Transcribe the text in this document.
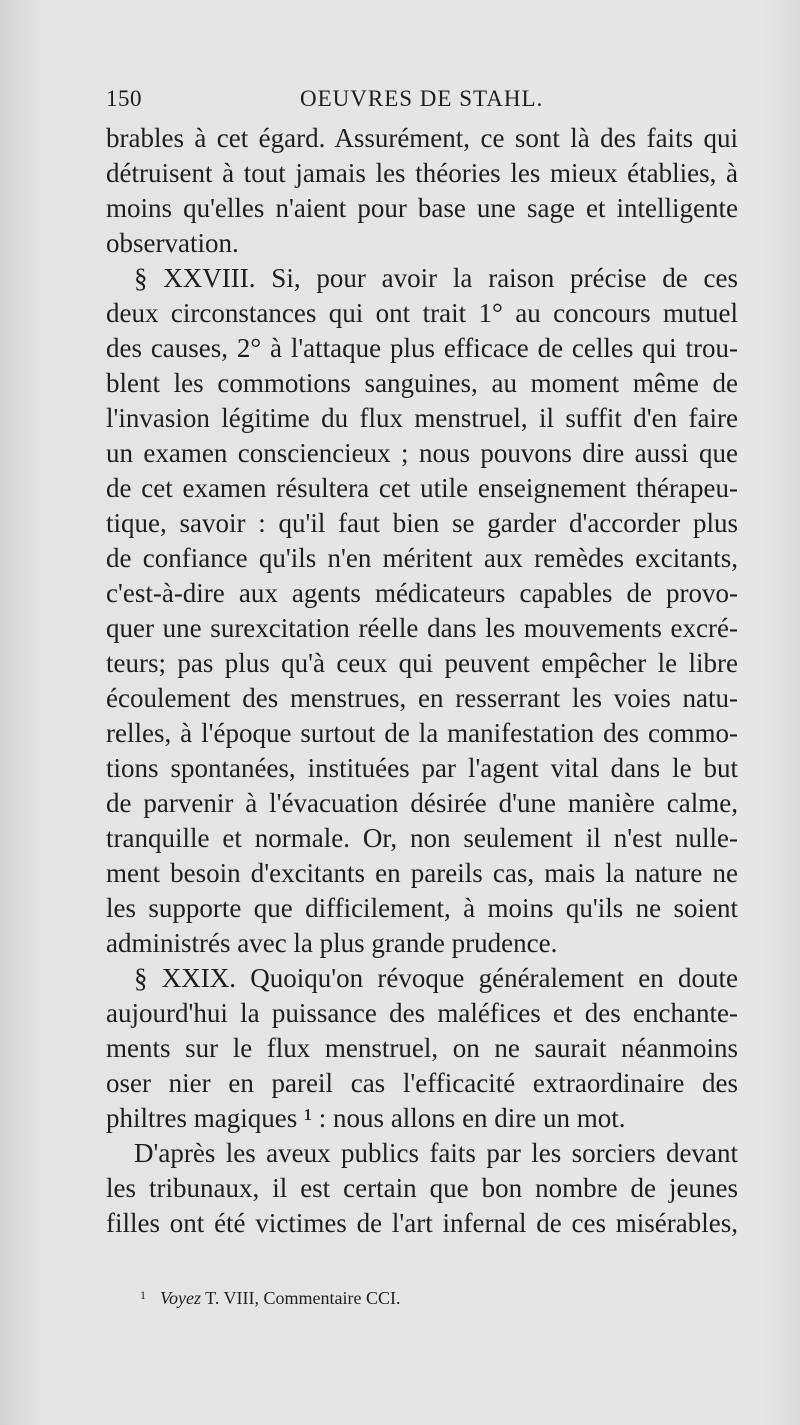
150	OEUVRES DE STAHL.
brables à cet égard. Assurément, ce sont là des faits qui
détruisent à tout jamais les théories les mieux établies, à
moins qu'elles n'aient pour base une sage et intelligente
observation.
§ XXVIII. Si, pour avoir la raison précise de ces
deux circonstances qui ont trait 1° au concours mutuel
des causes, 2° à l'attaque plus efficace de celles qui trou-
blent les commotions sanguines, au moment même de
l'invasion légitime du flux menstruel, il suffit d'en faire
un examen consciencieux ; nous pouvons dire aussi que
de cet examen résultera cet utile enseignement thérapeu-
tique, savoir : qu'il faut bien se garder d'accorder plus
de confiance qu'ils n'en méritent aux remèdes excitants,
c'est-à-dire aux agents médicateurs capables de provo-
quer une surexcitation réelle dans les mouvements excré-
teurs; pas plus qu'à ceux qui peuvent empêcher le libre
écoulement des menstrues, en resserrant les voies natu-
relles, à l'époque surtout de la manifestation des commo-
tions spontanées, instituées par l'agent vital dans le but
de parvenir à l'évacuation désirée d'une manière calme,
tranquille et normale. Or, non seulement il n'est nulle-
ment besoin d'excitants en pareils cas, mais la nature ne
les supporte que difficilement, à moins qu'ils ne soient
administrés avec la plus grande prudence.
§ XXIX. Quoiqu'on révoque généralement en doute
aujourd'hui la puissance des maléfices et des enchante-
ments sur le flux menstruel, on ne saurait néanmoins
oser nier en pareil cas l'efficacité extraordinaire des
philtres magiques ¹ : nous allons en dire un mot.
D'après les aveux publics faits par les sorciers devant
les tribunaux, il est certain que bon nombre de jeunes
filles ont été victimes de l'art infernal de ces misérables,
$^1$ Voyez T. VIII, Commentaire CCI.
